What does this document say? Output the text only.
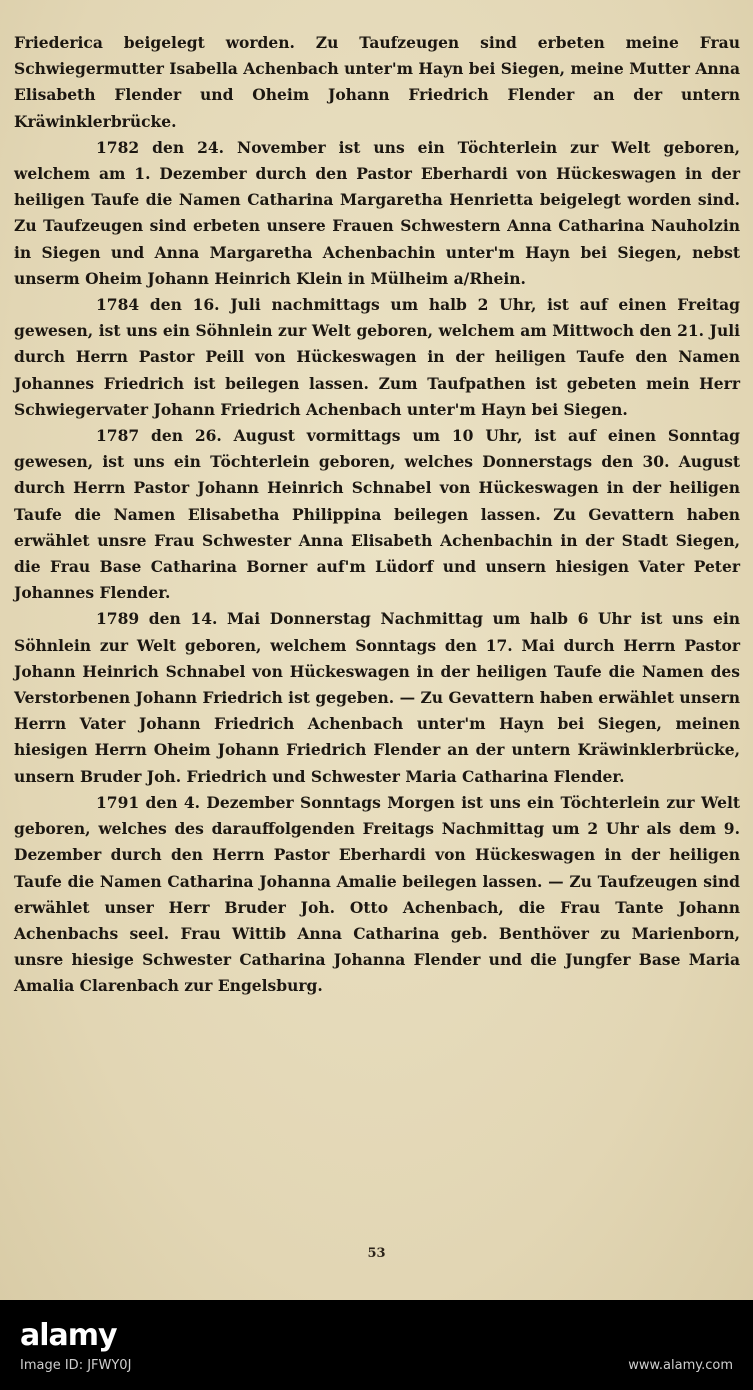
Friederica beigelegt worden. Zu Taufzeugen sind erbeten meine Frau Schwiegermutter Isabella Achenbach unter'm Hayn bei Siegen, meine Mutter Anna Elisabeth Flender und Oheim Johann Friedrich Flender an der untern Kräwinklerbrücke.

1782 den 24. November ist uns ein Töchterlein zur Welt geboren, welchem am 1. Dezember durch den Pastor Eberhardi von Hückeswagen in der heiligen Taufe die Namen Catharina Margaretha Henrietta beigelegt worden sind. Zu Taufzeugen sind erbeten unsere Frauen Schwestern Anna Catharina Nauholzin in Siegen und Anna Margaretha Achenbachin unter'm Hayn bei Siegen, nebst unserm Oheim Johann Heinrich Klein in Mülheim a/Rhein.

1784 den 16. Juli nachmittags um halb 2 Uhr, ist auf einen Freitag gewesen, ist uns ein Söhnlein zur Welt geboren, welchem am Mittwoch den 21. Juli durch Herrn Pastor Peill von Hückeswagen in der heiligen Taufe den Namen Johannes Friedrich ist beilegen lassen. Zum Taufpathen ist gebeten mein Herr Schwiegervater Johann Friedrich Achenbach unter'm Hayn bei Siegen.

1787 den 26. August vormittags um 10 Uhr, ist auf einen Sonntag gewesen, ist uns ein Töchterlein geboren, welches Donnerstags den 30. August durch Herrn Pastor Johann Heinrich Schnabel von Hückeswagen in der heiligen Taufe die Namen Elisabetha Philippina beilegen lassen. Zu Gevattern haben erwählet unsre Frau Schwester Anna Elisabeth Achenbachin in der Stadt Siegen, die Frau Base Catharina Borner auf'm Lüdorf und unsern hiesigen Vater Peter Johannes Flender.

1789 den 14. Mai Donnerstag Nachmittag um halb 6 Uhr ist uns ein Söhnlein zur Welt geboren, welchem Sonntags den 17. Mai durch Herrn Pastor Johann Heinrich Schnabel von Hückeswagen in der heiligen Taufe die Namen des Verstorbenen Johann Friedrich ist gegeben. — Zu Gevattern haben erwählet unsern Herrn Vater Johann Friedrich Achenbach unter'm Hayn bei Siegen, meinen hiesigen Herrn Oheim Johann Friedrich Flender an der untern Kräwinklerbrücke, unsern Bruder Joh. Friedrich und Schwester Maria Catharina Flender.

1791 den 4. Dezember Sonntags Morgen ist uns ein Töchterlein zur Welt geboren, welches des darauffolgenden Freitags Nachmittag um 2 Uhr als dem 9. Dezember durch den Herrn Pastor Eberhardi von Hückeswagen in der heiligen Taufe die Namen Catharina Johanna Amalie beilegen lassen. — Zu Taufzeugen sind erwählet unser Herr Bruder Joh. Otto Achenbach, die Frau Tante Johann Achenbachs seel. Frau Wittib Anna Catharina geb. Benthöver zu Marienborn, unsre hiesige Schwester Catharina Johanna Flender und die Jungfer Base Maria Amalia Clarenbach zur Engelsburg.

53
alamy
Image ID: JFWY0J	www.alamy.com
